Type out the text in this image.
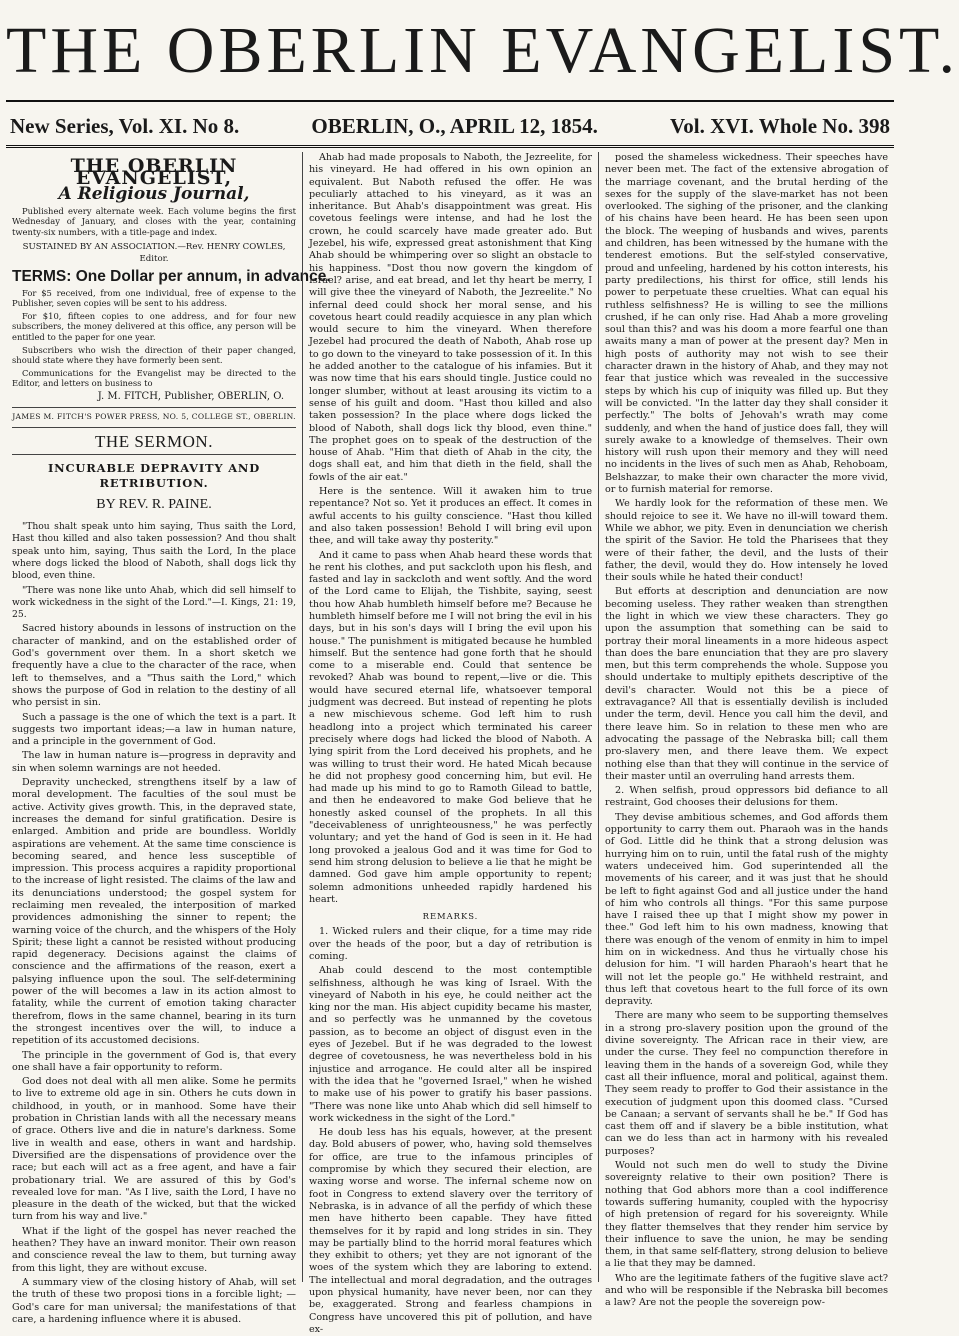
THE OBERLIN EVANGELIST.
New Series, Vol. XI. No 8.	OBERLIN, O., APRIL 12, 1854.	Vol. XVI. Whole No. 398
THE OBERLIN EVANGELIST,
A Religious Journal,

Published every alternate week. Each volume begins the first Wednesday of January, and closes with the year, containing twenty-six numbers, with a title-page and index.

SUSTAINED BY AN ASSOCIATION.—Rev. HENRY COWLES, Editor.
TERMS: One Dollar per annum, in advance.

For $5 received, from one individual, free of expense to the Publisher, seven copies will be sent to his address.

For $10, fifteen copies to one address, and for four new subscribers, the money delivered at this office, any person will be entitled to the paper for one year.

Subscribers who wish the direction of their paper changed, should state where they have formerly been sent.

Communications for the Evangelist may be directed to the Editor, and letters on business to

J. M. FITCH, Publisher, OBERLIN, O.
JAMES M. FITCH'S POWER PRESS, NO. 5, COLLEGE ST., OBERLIN.
THE SERMON.
INCURABLE DEPRAVITY AND RETRIBUTION.
BY REV. R. PAINE.

"Thou shalt speak unto him saying, Thus saith the Lord, Hast thou killed and also taken possession? And thou shalt speak unto him, saying, Thus saith the Lord, In the place where dogs licked the blood of Naboth, shall dogs lick thy blood, even thine.

"There was none like unto Ahab, which did sell himself to work wickedness in the sight of the Lord."—I. Kings, 21: 19, 25.

Sacred history abounds in lessons of instruction on the character of mankind, and on the established order of God's government over them. In a short sketch we frequently have a clue to the character of the race, when left to themselves, and a "Thus saith the Lord," which shows the purpose of God in relation to the destiny of all who persist in sin.

Such a passage is the one of which the text is a part. It suggests two important ideas;—a law in human nature, and a principle in the government of God.

The law in human nature is—progress in depravity and sin when solemn warnings are not heeded.

Depravity unchecked, strengthens itself by a law of moral development. The faculties of the soul must be active. Activity gives growth. This, in the depraved state, increases the demand for sinful gratification. Desire is enlarged. Ambition and pride are boundless. Worldly aspirations are vehement. At the same time conscience is becoming seared, and hence less susceptible of impression. This process acquires a rapidity proportional to the increase of light resisted. The claims of the law and its denunciations understood; the gospel system for reclaiming men revealed, the interposition of marked providences admonishing the sinner to repent; the warning voice of the church, and the whispers of the Holy Spirit; these light a cannot be resisted without producing rapid degeneracy. Decisions against the claims of conscience and the affirmations of the reason, exert a palsying influence upon the soul. The self-determining power of the will becomes a law in its action almost to fatality, while the current of emotion taking character therefrom, flows in the same channel, bearing in its turn the strongest incentives over the will, to induce a repetition of its accustomed decisions.

The principle in the government of God is, that every one shall have a fair opportunity to reform.

God does not deal with all men alike. Some he permits to live to extreme old age in sin. Others he cuts down in childhood, in youth, or in manhood. Some have their probation in Christian lands with all the necessary means of grace. Others live and die in nature's darkness. Some live in wealth and ease, others in want and hardship. Diversified are the dispensations of providence over the race; but each will act as a free agent, and have a fair probationary trial. We are assured of this by God's revealed love for man. "As I live, saith the Lord, I have no pleasure in the death of the wicked, but that the wicked turn from his way and live."

What if the light of the gospel has never reached the heathen? They have an inward monitor. Their own reason and conscience reveal the law to them, but turning away from this light, they are without excuse.

A summary view of the closing history of Ahab, will set the truth of these two proposi tions in a forcible light; —God's care for man universal; the manifestations of that care, a hardening influence where it is abused.

Ahab had made proposals to Naboth, the Jezreelite, for his vineyard. He had offered in his own opinion an equivalent. But Naboth refused the offer. He was peculiarly attached to his vineyard, as it was an inheritance. But Ahab's disappointment was great. His covetous feelings were intense, and had he lost the crown, he could scarcely have made greater ado. But Jezebel, his wife, expressed great astonishment that King Ahab should be whimpering over so slight an obstacle to his happiness. "Dost thou now govern the kingdom of Israel? arise, and eat bread, and let thy heart be merry, I will give thee the vineyard of Naboth, the Jezreelite." No infernal deed could shock her moral sense, and his covetous heart could readily acquiesce in any plan which would secure to him the vineyard. When therefore Jezebel had procured the death of Naboth, Ahab rose up to go down to the vineyard to take possession of it. In this he added another to the catalogue of his infamies. But it was now time that his ears should tingle. Justice could no longer slumber, without at least arousing its victim to a sense of his guilt and doom. "Hast thou killed and also taken possession? In the place where dogs licked the blood of Naboth, shall dogs lick thy blood, even thine." The prophet goes on to speak of the destruction of the house of Ahab. "Him that dieth of Ahab in the city, the dogs shall eat, and him that dieth in the field, shall the fowls of the air eat."

Here is the sentence. Will it awaken him to true repentance? Not so. Yet it produces an effect. It comes in awful accents to his guilty conscience. "Hast thou killed and also taken possession! Behold I will bring evil upon thee, and will take away thy posterity."

And it came to pass when Ahab heard these words that he rent his clothes, and put sackcloth upon his flesh, and fasted and lay in sackcloth and went softly. And the word of the Lord came to Elijah, the Tishbite, saying, seest thou how Ahab humbleth himself before me? Because he humbleth himself before me I will not bring the evil in his days, but in his son's days will I bring the evil upon his house." The punishment is mitigated because he humbled himself. But the sentence had gone forth that he should come to a miserable end. Could that sentence be revoked? Ahab was bound to repent,—live or die. This would have secured eternal life, whatsoever temporal judgment was decreed. But instead of repenting he plots a new mischievous scheme. God left him to rush headlong into a project which terminated his career precisely where dogs had licked the blood of Naboth. A lying spirit from the Lord deceived his prophets, and he was willing to trust their word. He hated Micah because he did not prophesy good concerning him, but evil. He had made up his mind to go to Ramoth Gilead to battle, and then he endeavored to make God believe that he honestly asked counsel of the prophets. In all this "deceivableness of unrighteousness," he was perfectly voluntary; and yet the hand of God is seen in it. He had long provoked a jealous God and it was time for God to send him strong delusion to believe a lie that he might be damned. God gave him ample opportunity to repent; solemn admonitions unheeded rapidly hardened his heart.

REMARKS.

1. Wicked rulers and their clique, for a time may ride over the heads of the poor, but a day of retribution is coming.

Ahab could descend to the most contemptible selfishness, although he was king of Israel. With the vineyard of Naboth in his eye, he could neither act the king nor the man. His abject cupidity became his master, and so perfectly was he unmanned by the covetous passion, as to become an object of disgust even in the eyes of Jezebel. But if he was degraded to the lowest degree of covetousness, he was nevertheless bold in his injustice and arrogance. He could alter all be inspired with the idea that he "governed Israel," when he wished to make use of his power to gratify his baser passions. "There was none like unto Ahab which did sell himself to work wickedness in the sight of the Lord."

He doub less has his equals, however, at the present day. Bold abusers of power, who, having sold themselves for office, are true to the infamous principles of compromise by which they secured their election, are waxing worse and worse. The infernal scheme now on foot in Congress to extend slavery over the territory of Nebraska, is in advance of all the perfidy of which these men have hitherto been capable. They have fitted themselves for it by rapid and long strides in sin. They may be partially blind to the horrid moral features which they exhibit to others; yet they are not ignorant of the woes of the system which they are laboring to extend. The intellectual and moral degradation, and the outrages upon physical humanity, have never been, nor can they be, exaggerated. Strong and fearless champions in Congress have uncovered this pit of pollution, and have ex-

posed the shameless wickedness. Their speeches have never been met. The fact of the extensive abrogation of the marriage covenant, and the brutal herding of the sexes for the supply of the slave-market has not been overlooked. The sighing of the prisoner, and the clanking of his chains have been heard. He has been seen upon the block. The weeping of husbands and wives, parents and children, has been witnessed by the humane with the tenderest emotions. But the self-styled conservative, proud and unfeeling, hardened by his cotton interests, his party predilections, his thirst for office, still lends his power to perpetuate these cruelties. What can equal his ruthless selfishness? He is willing to see the millions crushed, if he can only rise. Had Ahab a more groveling soul than this? and was his doom a more fearful one than awaits many a man of power at the present day? Men in high posts of authority may not wish to see their character drawn in the history of Ahab, and they may not fear that justice which was revealed in the successive steps by which his cup of iniquity was filled up. But they will be convicted. "In the latter day they shall consider it perfectly." The bolts of Jehovah's wrath may come suddenly, and when the hand of justice does fall, they will surely awake to a knowledge of themselves. Their own history will rush upon their memory and they will need no incidents in the lives of such men as Ahab, Rehoboam, Belshazzar, to make their own character the more vivid, or to furnish material for remorse.

We hardly look for the reformation of these men. We should rejoice to see it. We have no ill-will toward them. While we abhor, we pity. Even in denunciation we cherish the spirit of the Savior. He told the Pharisees that they were of their father, the devil, and the lusts of their father, the devil, would they do. How intensely he loved their souls while he hated their conduct!

But efforts at description and denunciation are now becoming useless. They rather weaken than strengthen the light in which we view these characters. They go upon the assumption that something can be said to portray their moral lineaments in a more hideous aspect than does the bare enunciation that they are pro slavery men, but this term comprehends the whole. Suppose you should undertake to multiply epithets descriptive of the devil's character. Would not this be a piece of extravagance? All that is essentially devilish is included under the term, devil. Hence you call him the devil, and there leave him. So in relation to these men who are advocating the passage of the Nebraska bill; call them pro-slavery men, and there leave them. We expect nothing else than that they will continue in the service of their master until an overruling hand arrests them.

2. When selfish, proud oppressors bid defiance to all restraint, God chooses their delusions for them.

They devise ambitious schemes, and God affords them opportunity to carry them out. Pharaoh was in the hands of God. Little did he think that a strong delusion was hurrying him on to ruin, until the fatal rush of the mighty waters undeceived him. God superintended all the movements of his career, and it was just that he should be left to fight against God and all justice under the hand of him who controls all things. "For this same purpose have I raised thee up that I might show my power in thee." God left him to his own madness, knowing that there was enough of the venom of enmity in him to impel him on in wickedness. And thus he virtually chose his delusion for him. "I will harden Pharaoh's heart that he will not let the people go." He withheld restraint, and thus left that covetous heart to the full force of its own depravity.

There are many who seem to be supporting themselves in a strong pro-slavery position upon the ground of the divine sovereignty. The African race in their view, are under the curse. They feel no compunction therefore in leaving them in the hands of a sovereign God, while they cast all their influence, moral and political, against them. They seem ready to proffer to God their assistance in the execution of judgment upon this doomed class. "Cursed be Canaan; a servant of servants shall he be." If God has cast them off and if slavery be a bible institution, what can we do less than act in harmony with his revealed purposes?

Would not such men do well to study the Divine sovereignty relative to their own position? There is nothing that God abhors more than a cool indifference towards suffering humanity, coupled with the hypocrisy of high pretension of regard for his sovereignty. While they flatter themselves that they render him service by their influence to save the union, he may be sending them, in that same self-flattery, strong delusion to believe a lie that they may be damned.

Who are the legitimate fathers of the fugitive slave act? and who will be responsible if the Nebraska bill becomes a law? Are not the people the sovereign pow-
